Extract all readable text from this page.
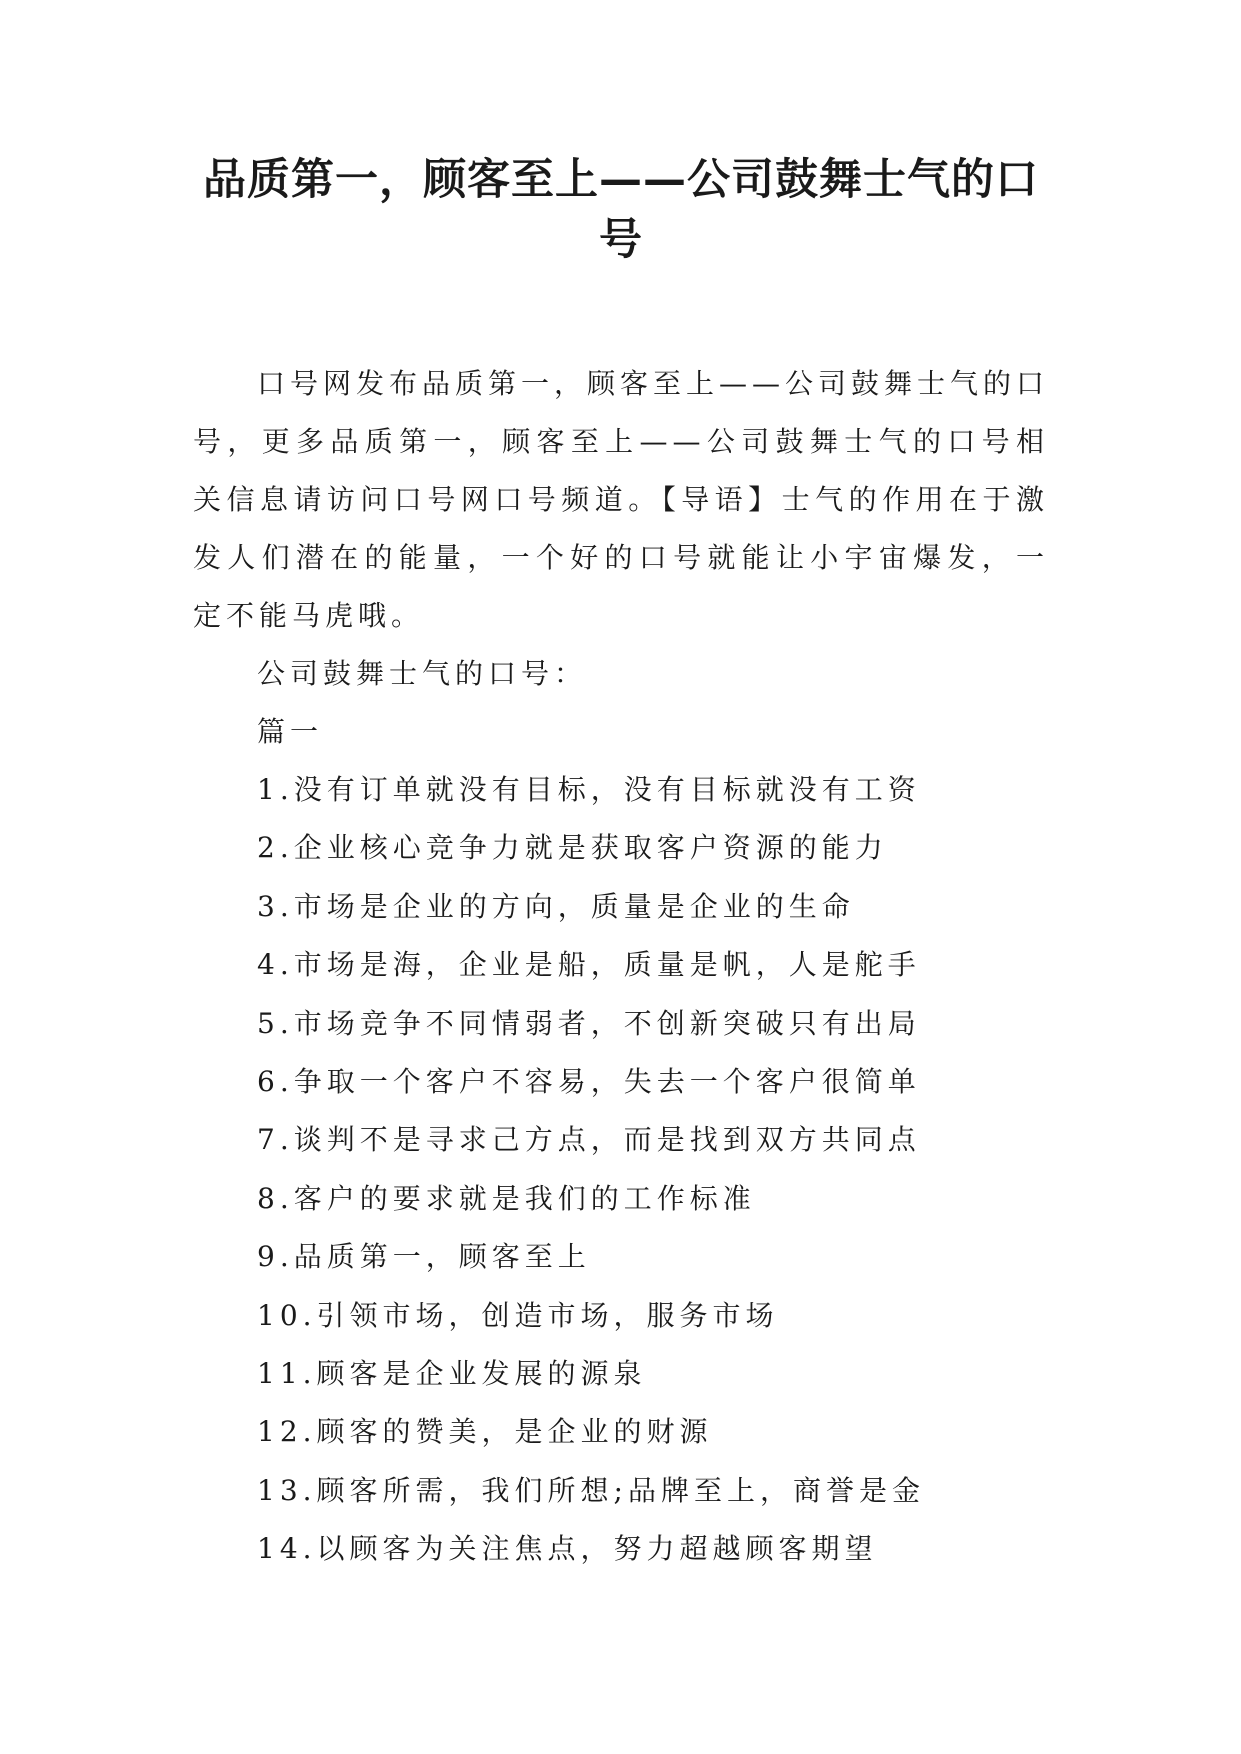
品质第一，顾客至上——公司鼓舞士气的口号

口号网发布品质第一，顾客至上——公司鼓舞士气的口号，更多品质第一，顾客至上——公司鼓舞士气的口号相关信息请访问口号网口号频道。【导语】士气的作用在于激发人们潜在的能量，一个好的口号就能让小宇宙爆发，一定不能马虎哦。

公司鼓舞士气的口号：

篇一

1.没有订单就没有目标，没有目标就没有工资
2.企业核心竞争力就是获取客户资源的能力
3.市场是企业的方向，质量是企业的生命
4.市场是海，企业是船，质量是帆，人是舵手
5.市场竞争不同情弱者，不创新突破只有出局
6.争取一个客户不容易，失去一个客户很简单
7.谈判不是寻求己方点，而是找到双方共同点
8.客户的要求就是我们的工作标准
9.品质第一，顾客至上
10.引领市场，创造市场，服务市场
11.顾客是企业发展的源泉
12.顾客的赞美，是企业的财源
13.顾客所需，我们所想;品牌至上，商誉是金
14.以顾客为关注焦点，努力超越顾客期望
